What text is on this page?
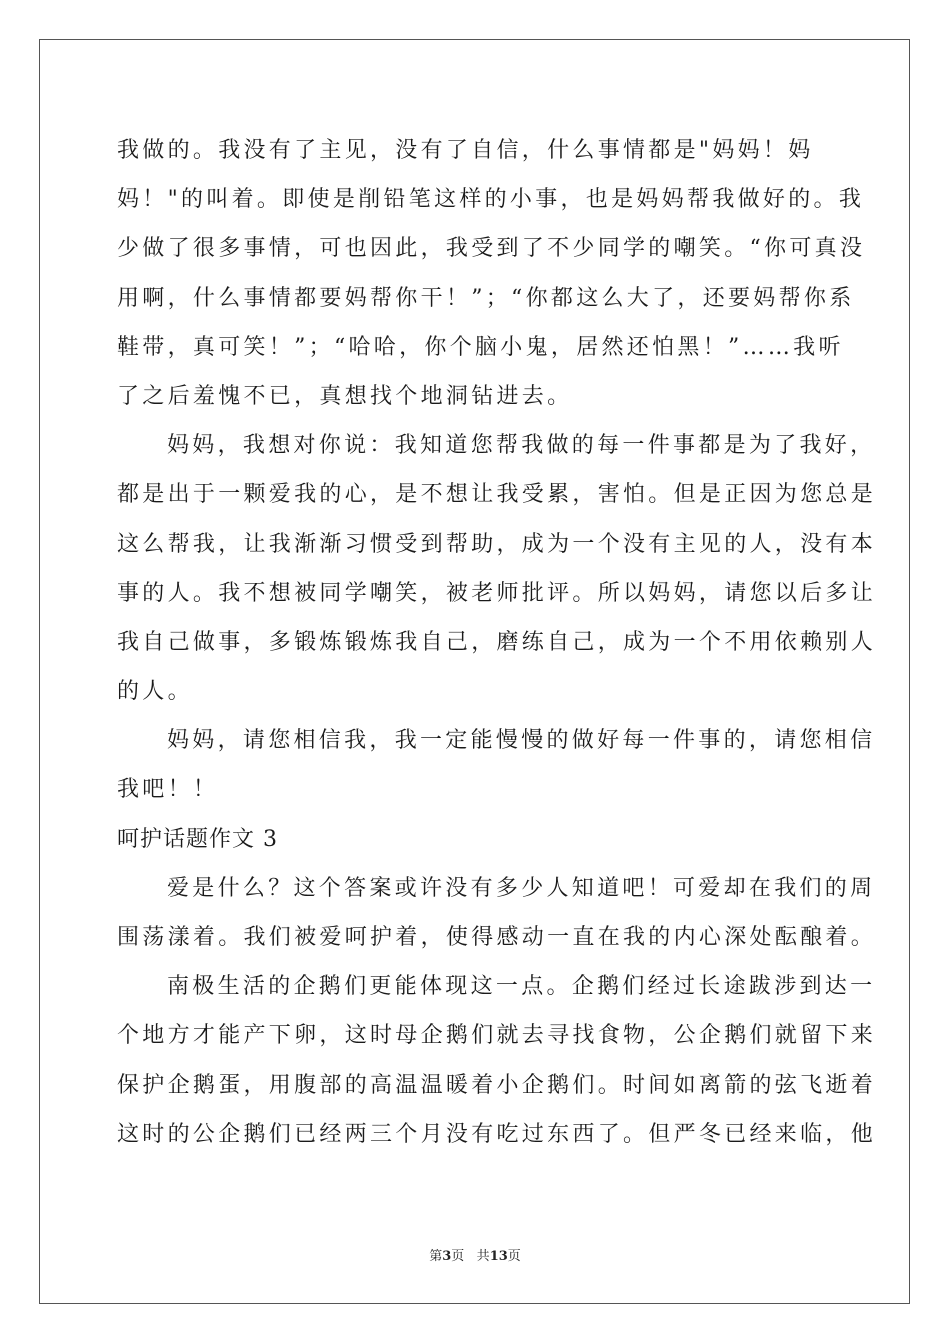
我做的。我没有了主见，没有了自信，什么事情都是"妈妈！妈
妈！"的叫着。即使是削铅笔这样的小事，也是妈妈帮我做好的。我
少做了很多事情，可也因此，我受到了不少同学的嘲笑。“你可真没
用啊，什么事情都要妈帮你干！”；“你都这么大了，还要妈帮你系
鞋带，真可笑！”；“哈哈，你个脑小鬼，居然还怕黑！”……我听
了之后羞愧不已，真想找个地洞钻进去。
妈妈，我想对你说：我知道您帮我做的每一件事都是为了我好，
都是出于一颗爱我的心，是不想让我受累，害怕。但是正因为您总是
这么帮我，让我渐渐习惯受到帮助，成为一个没有主见的人，没有本
事的人。我不想被同学嘲笑，被老师批评。所以妈妈，请您以后多让
我自己做事，多锻炼锻炼我自己，磨练自己，成为一个不用依赖别人
的人。
妈妈，请您相信我，我一定能慢慢的做好每一件事的，请您相信
我吧！！
呵护话题作文 3
爱是什么？这个答案或许没有多少人知道吧！可爱却在我们的周
围荡漾着。我们被爱呵护着，使得感动一直在我的内心深处酝酿着。
南极生活的企鹅们更能体现这一点。企鹅们经过长途跋涉到达一
个地方才能产下卵，这时母企鹅们就去寻找食物，公企鹅们就留下来
保护企鹅蛋，用腹部的高温温暖着小企鹅们。时间如离箭的弦飞逝着
这时的公企鹅们已经两三个月没有吃过东西了。但严冬已经来临，他
第3页 共13页
